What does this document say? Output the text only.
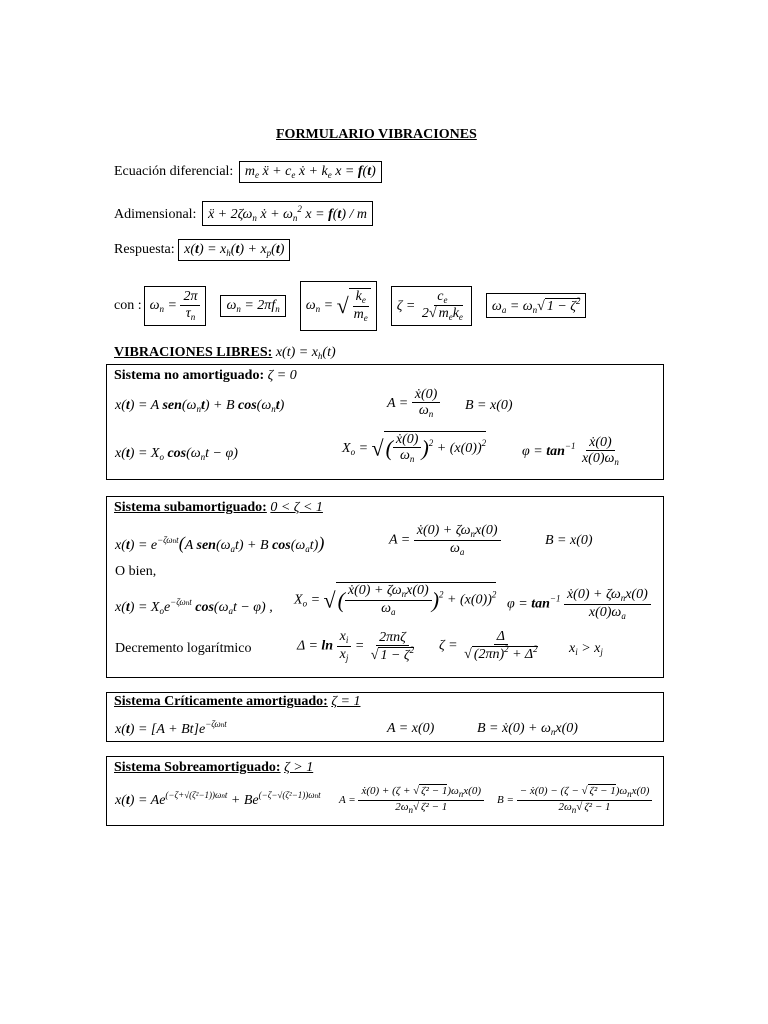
FORMULARIO VIBRACIONES
Ecuación diferencial: $m_e$ ẍ + $c_e$ ẋ + $k_e$ x = f(t)
Adimensional: ẍ + $2\zeta\omega_n$ ẋ + $\omega_n^2$ x = f(t) / m
Respuesta: $x(t) = x_h(t) + x_p(t)$
con : $\omega_n = \frac{2\pi}{\tau_n}$	$\omega_n = 2\pi f_n$	$\omega_n$ = √ $\frac{k_e}{m_e}$	$\zeta = \frac{c_e}{2√ m_ek_e}$	$\omega_a = \omega_n√$ $1 - \zeta^2$
VIBRACIONES LIBRES: $x(t) = x_h(t)$
Sistema no amortiguado: ζ = 0
x(t) = A $sen(\omega_nt) + B$ $\cos(\omega_nt)$	$A = \frac{\text{ẋ(0)}}{\omega_n}$ B = x(0)
$x(t) = X_o$ $\cos(\omega_nt - \varphi)$	$X_o$ = √( $\frac{\text{ẋ(0)}}{\omega_n} )^2 + (x(0))^2$
$\varphi = \tan^{-1} \frac{\text{ẋ(0)}}{x(0)\omega_n}$
Sistema subamortiguado: 0 < ζ < 1
$x(t) = e^{-\zeta\omega nt}(A$ $sen(\omega_at) + B$ $\cos(\omega_at)$)	$A = \frac{ẋ(0) + \zeta\omega_nx(0)}{\omega_a}$	B = x(0)
O bien,
$x(t) = X_oe^{-\zeta\omega nt}$ $\cos(\omega_at - \varphi)$ , $X_o$ = √( $\frac{ẋ(0) + \zeta\omega_nx(0)}{\omega_a} )^2 + (x(0))^2$
$\varphi = \tan^{-1} \frac{ẋ(0) + \zeta\omega_nx(0)}{x(0)\omega_a}$
Decremento logarítmico	$\Delta = \ln \frac{x_i}{x_j} = \frac{\text{2πnζ}}{√ 1 - \zeta^2}$ $\zeta = \frac{\Delta}{√ (2\pi n)^2 + \Delta^2} x_i > x_j$
Sistema Críticamente amortiguado: ζ = 1
$x(t) = [A + Bt]e^{-\zeta\omega nt}$	A = x(0)	B = ẋ(0) + $\omega_nx(0)$
Sistema Sobreamortiguado: ζ > 1
$x(t) = Ae^{(-\zeta+√(\zeta^2-1))\omega nt} + Be^{(-\zeta-√(\zeta^2-1))\omega nt}$ $A = \frac{ẋ(0) + (\zeta + √ \zeta^2 - 1)\omega_nx(0)}{2\omega_n√ \zeta^2 - 1}$ $B = \frac{- ẋ(0) - (\zeta - √ \zeta^2 - 1)\omega_nx(0)}{2\omega_n√ \zeta^2 - 1}$
